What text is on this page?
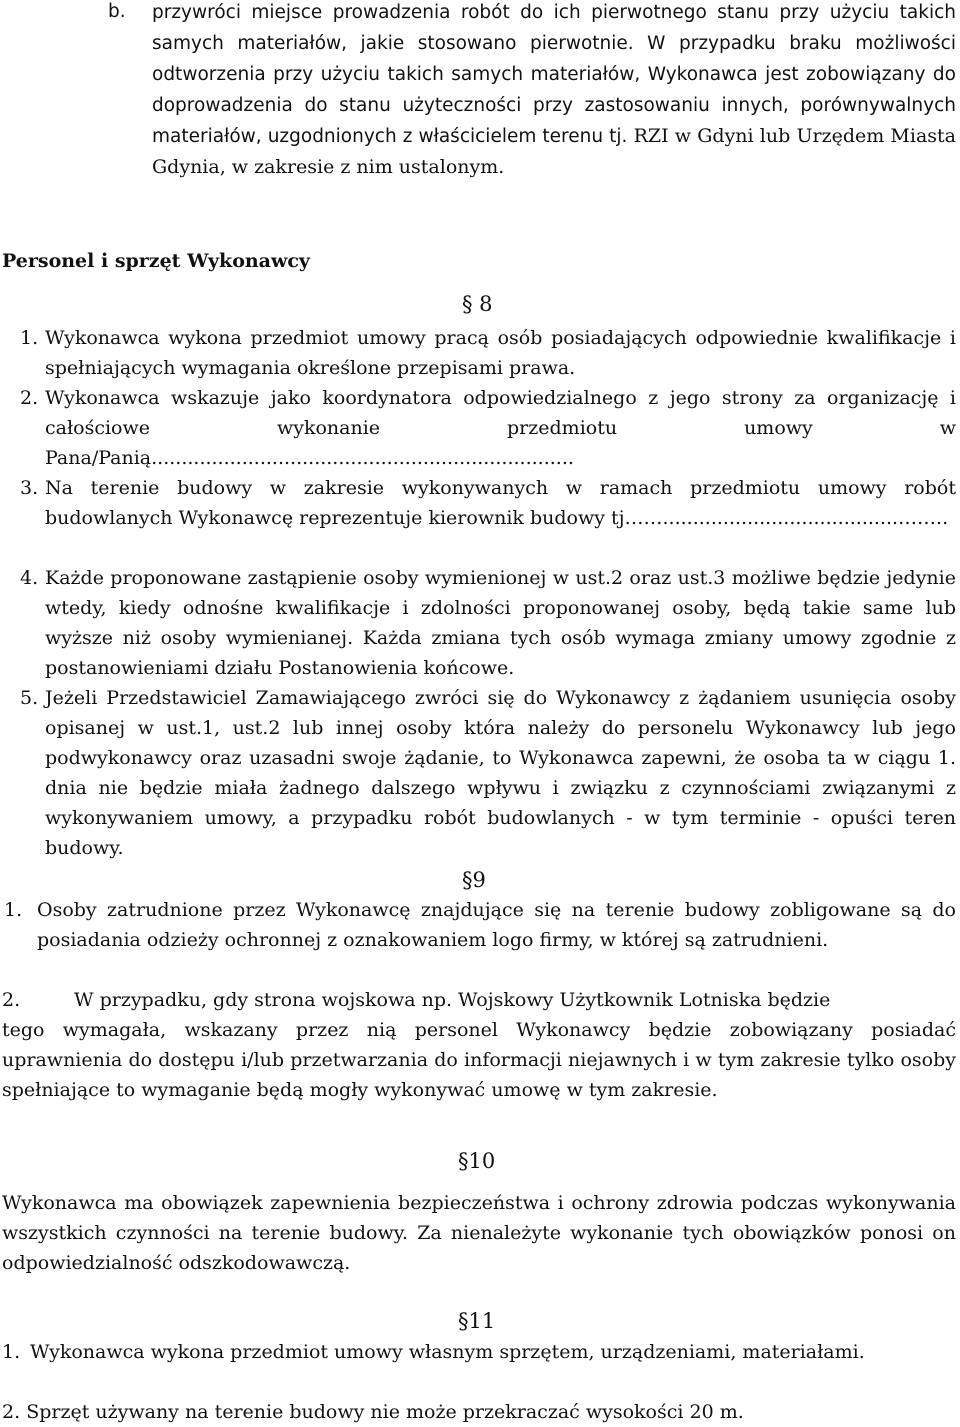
b.	przywróci miejsce prowadzenia robót do ich pierwotnego stanu przy użyciu takich samych materiałów, jakie stosowano pierwotnie. W przypadku braku możliwości odtworzenia przy użyciu takich samych materiałów, Wykonawca jest zobowiązany do doprowadzenia do stanu użyteczności przy zastosowaniu innych, porównywalnych materiałów, uzgodnionych z właścicielem terenu tj. RZI w Gdyni lub Urzędem Miasta Gdynia, w zakresie z nim ustalonym.
Personel i sprzęt Wykonawcy
§ 8
1. Wykonawca wykona przedmiot umowy pracą osób posiadających odpowiednie kwalifikacje i spełniających wymagania określone przepisami prawa.
2. Wykonawca wskazuje jako koordynatora odpowiedzialnego z jego strony za organizację i całościowe wykonanie przedmiotu umowy w Pana/Panią......................................................................
3. Na terenie budowy w zakresie wykonywanych w ramach przedmiotu umowy robót budowlanych Wykonawcę reprezentuje kierownik budowy tj…….......................................……..
4. Każde proponowane zastąpienie osoby wymienionej w ust.2 oraz ust.3 możliwe będzie jedynie wtedy, kiedy odnośne kwalifikacje i zdolności proponowanej osoby, będą takie same lub wyższe niż osoby wymienianej. Każda zmiana tych osób wymaga zmiany umowy zgodnie z postanowieniami działu Postanowienia końcowe.
5. Jeżeli Przedstawiciel Zamawiającego zwróci się do Wykonawcy z żądaniem usunięcia osoby opisanej w ust.1, ust.2 lub innej osoby która należy do personelu Wykonawcy lub jego podwykonawcy oraz uzasadni swoje żądanie, to Wykonawca zapewni, że osoba ta w ciągu 1. dnia nie będzie miała żadnego dalszego wpływu i związku z czynnościami związanymi z wykonywaniem umowy, a przypadku robót budowlanych - w tym terminie - opuści teren budowy.
§9
1. Osoby zatrudnione przez Wykonawcę znajdujące się na terenie budowy zobligowane są do posiadania odzieży ochronnej z oznakowaniem logo firmy, w której są zatrudnieni.
2.	W przypadku, gdy strona wojskowa np. Wojskowy Użytkownik Lotniska będzie
tego wymagała, wskazany przez nią personel Wykonawcy będzie zobowiązany posiadać uprawnienia do dostępu i/lub przetwarzania do informacji niejawnych i w tym zakresie tylko osoby spełniające to wymaganie będą mogły wykonywać umowę w tym zakresie.
§10
Wykonawca ma obowiązek zapewnienia bezpieczeństwa i ochrony zdrowia podczas wykonywania wszystkich czynności na terenie budowy. Za nienależyte wykonanie tych obowiązków ponosi on odpowiedzialność odszkodowawczą.
§11
1. Wykonawca wykona przedmiot umowy własnym sprzętem, urządzeniami, materiałami.
2. Sprzęt używany na terenie budowy nie może przekraczać wysokości 20 m.
